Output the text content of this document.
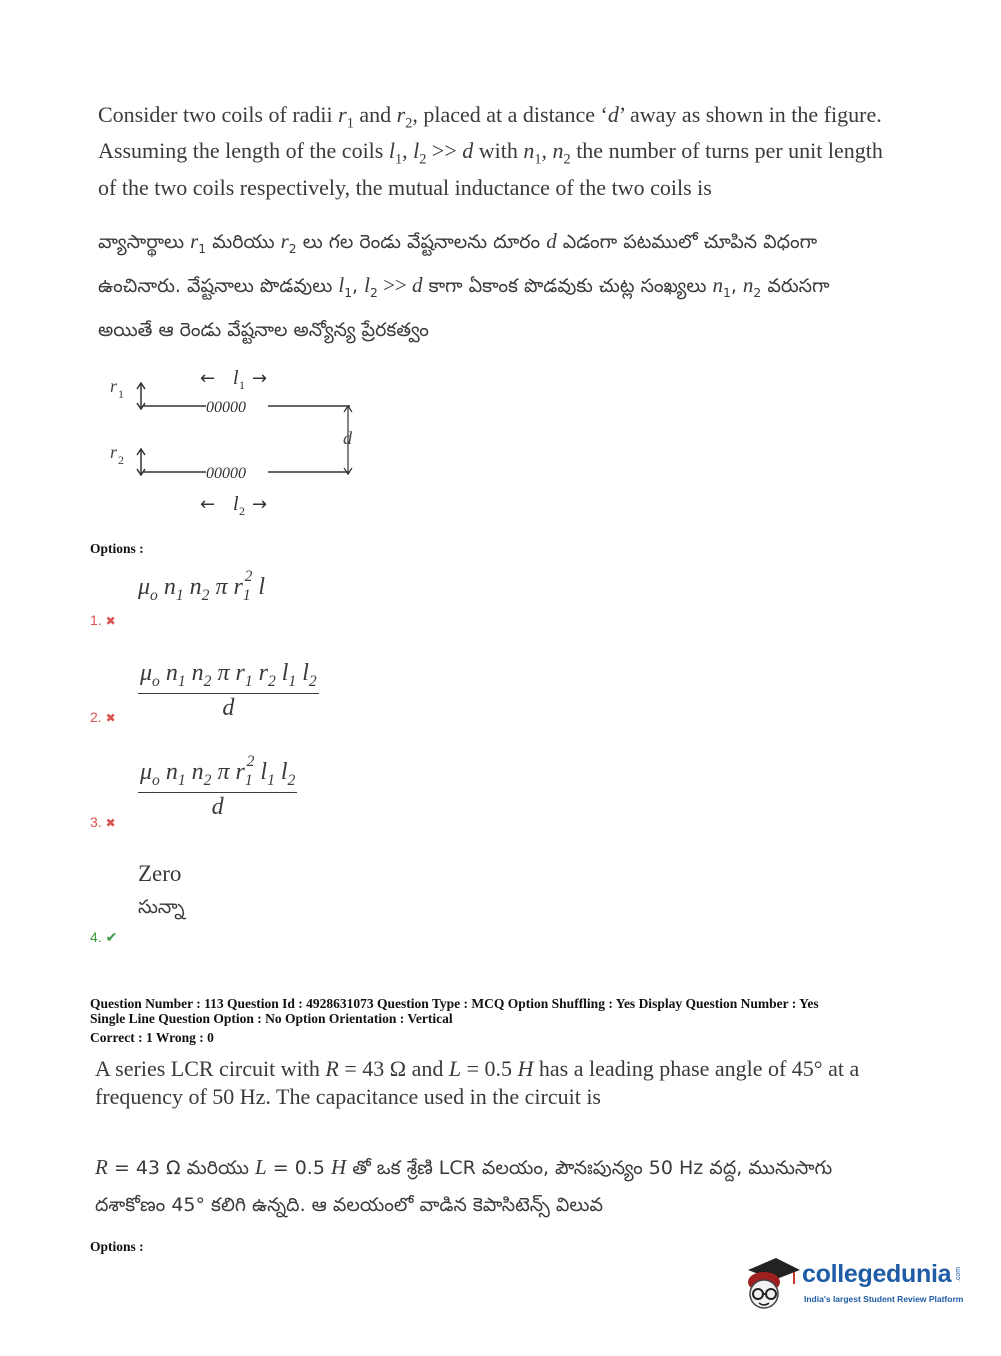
Consider two coils of radii $r_1$ and $r_2$, placed at a distance ‘d’ away as shown in the figure.
Assuming the length of the coils $l_1$, $l_2 >> d$ with $n_1$, $n_2$ the number of turns per unit length
of the two coils respectively, the mutual inductance of the two coils is
వ్యాసార్థాలు $r_1$ మరియు $r_2$ లు గల రెండు వేష్టనాలను దూరం d ఎడంగా పటములో చూపిన విధంగా
ఉంచినారు. వేష్టనాలు పొడవులు $l_1$, $l_2 >> d$ కాగా ఏకాంక పొడవుకు చుట్ల సంఖ్యలు $n_1$, $n_2$ వరుసగా
అయితే ఆ రెండు వేష్టనాల అన్యోన్య ప్రేరకత్వం
r 1
00000
← l 1 →
d
r 2
00000
← l 2 →
Options :
$\mu_o$ $n_1$ $n_2$ π $r_1^2$ l
1. ✖
$\frac{\mu_o n_1 n_2 \pi r_1 r_2 l_1 l_2}{d}$
2. ✖
$\frac{\mu_o n_1 n_2 \pi r_1^2 l_1 l_2}{d}$
3. ✖
Zero
సున్నా
4. ✔
Question Number : 113 Question Id : 4928631073 Question Type : MCQ Option Shuffling : Yes Display Question Number : Yes
Single Line Question Option : No Option Orientation : Vertical
Correct : 1 Wrong : 0
A series LCR circuit with R = 43 Ω and L = 0.5 H has a leading phase angle of 45° at a
frequency of 50 Hz. The capacitance used in the circuit is
R = 43 Ω మరియు L = 0.5 H తో ఒక శ్రేణి LCR వలయం, పౌనఃపున్యం 50 Hz వద్ద, మునుసాగు
దశాకోణం 45° కలిగి ఉన్నది. ఆ వలయంలో వాడిన కెపాసిటెన్స్ విలువ
Options :
collegedunia .com
India's largest Student Review Platform
